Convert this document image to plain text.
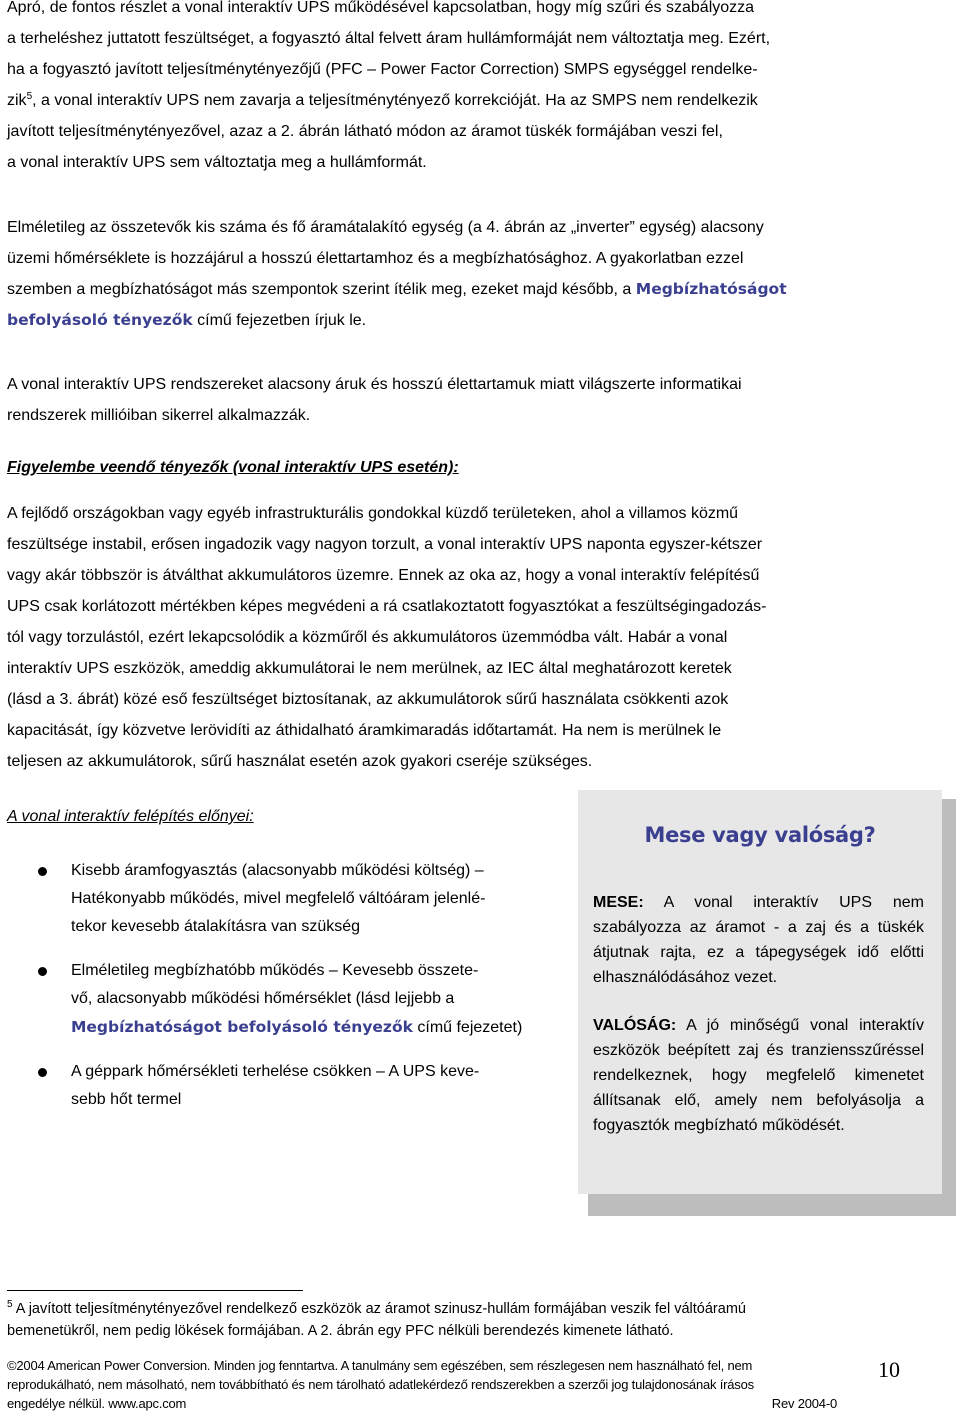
Apró, de fontos részlet a vonal interaktív UPS működésével kapcsolatban, hogy míg szűri és szabályozza
a terheléshez juttatott feszültséget, a fogyasztó által felvett áram hullámformáját nem változtatja meg. Ezért,
ha a fogyasztó javított teljesítménytényezőjű (PFC – Power Factor Correction) SMPS egységgel rendelke-
zik$^5$, a vonal interaktív UPS nem zavarja a teljesítménytényező korrekcióját. Ha az SMPS nem rendelkezik
javított teljesítménytényezővel, azaz a 2. ábrán látható módon az áramot tüskék formájában veszi fel,
a vonal interaktív UPS sem változtatja meg a hullámformát.
Elméletileg az összetevők kis száma és fő áramátalakító egység (a 4. ábrán az „inverter” egység) alacsony
üzemi hőmérséklete is hozzájárul a hosszú élettartamhoz és a megbízhatósághoz. A gyakorlatban ezzel
szemben a megbízhatóságot más szempontok szerint ítélik meg, ezeket majd később, a Megbízhatóságot
befolyásoló tényezők című fejezetben írjuk le.
A vonal interaktív UPS rendszereket alacsony áruk és hosszú élettartamuk miatt világszerte informatikai
rendszerek millióiban sikerrel alkalmazzák.
Figyelembe veendő tényezők (vonal interaktív UPS esetén):
A fejlődő országokban vagy egyéb infrastrukturális gondokkal küzdő területeken, ahol a villamos közmű
feszültsége instabil, erősen ingadozik vagy nagyon torzult, a vonal interaktív UPS naponta egyszer-kétszer
vagy akár többször is átválthat akkumulátoros üzemre. Ennek az oka az, hogy a vonal interaktív felépítésű
UPS csak korlátozott mértékben képes megvédeni a rá csatlakoztatott fogyasztókat a feszültségingadozás-
tól vagy torzulástól, ezért lekapcsolódik a közműről és akkumulátoros üzemmódba vált. Habár a vonal
interaktív UPS eszközök, ameddig akkumulátorai le nem merülnek, az IEC által meghatározott keretek
(lásd a 3. ábrát) közé eső feszültséget biztosítanak, az akkumulátorok sűrű használata csökkenti azok
kapacitását, így közvetve lerövidíti az áthidalható áramkimaradás időtartamát. Ha nem is merülnek le
teljesen az akkumulátorok, sűrű használat esetén azok gyakori cseréje szükséges.
A vonal interaktív felépítés előnyei:
Kisebb áramfogyasztás (alacsonyabb működési költség) –
Hatékonyabb működés, mivel megfelelő váltóáram jelenlé-
tekor kevesebb átalakításra van szükség
Elméletileg megbízhatóbb működés – Kevesebb összete-
vő, alacsonyabb működési hőmérséklet (lásd lejjebb a
Megbízhatóságot befolyásoló tényezők című fejezetet)
A géppark hőmérsékleti terhelése csökken – A UPS keve-
sebb hőt termel
Mese vagy valóság?

MESE: A vonal interaktív UPS nem szabályozza az áramot - a zaj és a tüskék átjutnak rajta, ez a tápegységek idő előtti elhasználódásához vezet.

VALÓSÁG: A jó minőségű vonal interaktív eszközök beépített zaj és tranziensszűréssel rendelkeznek, hogy megfelelő kimenetet állítsanak elő, amely nem befolyásolja a fogyasztók megbízható működését.

$^5$ A javított teljesítménytényezővel rendelkező eszközök az áramot szinusz-hullám formájában veszik fel váltóáramú
bemenetükről, nem pedig lökések formájában. A 2. ábrán egy PFC nélküli berendezés kimenete látható.
©2004 American Power Conversion. Minden jog fenntartva. A tanulmány sem egészében, sem részlegesen nem használható fel, nem
reprodukálható, nem másolható, nem továbbítható és nem tárolható adatlekérdező rendszerekben a szerzői jog tulajdonosának írásos
engedélye nélkül. www.apc.com	Rev 2004-0
10
